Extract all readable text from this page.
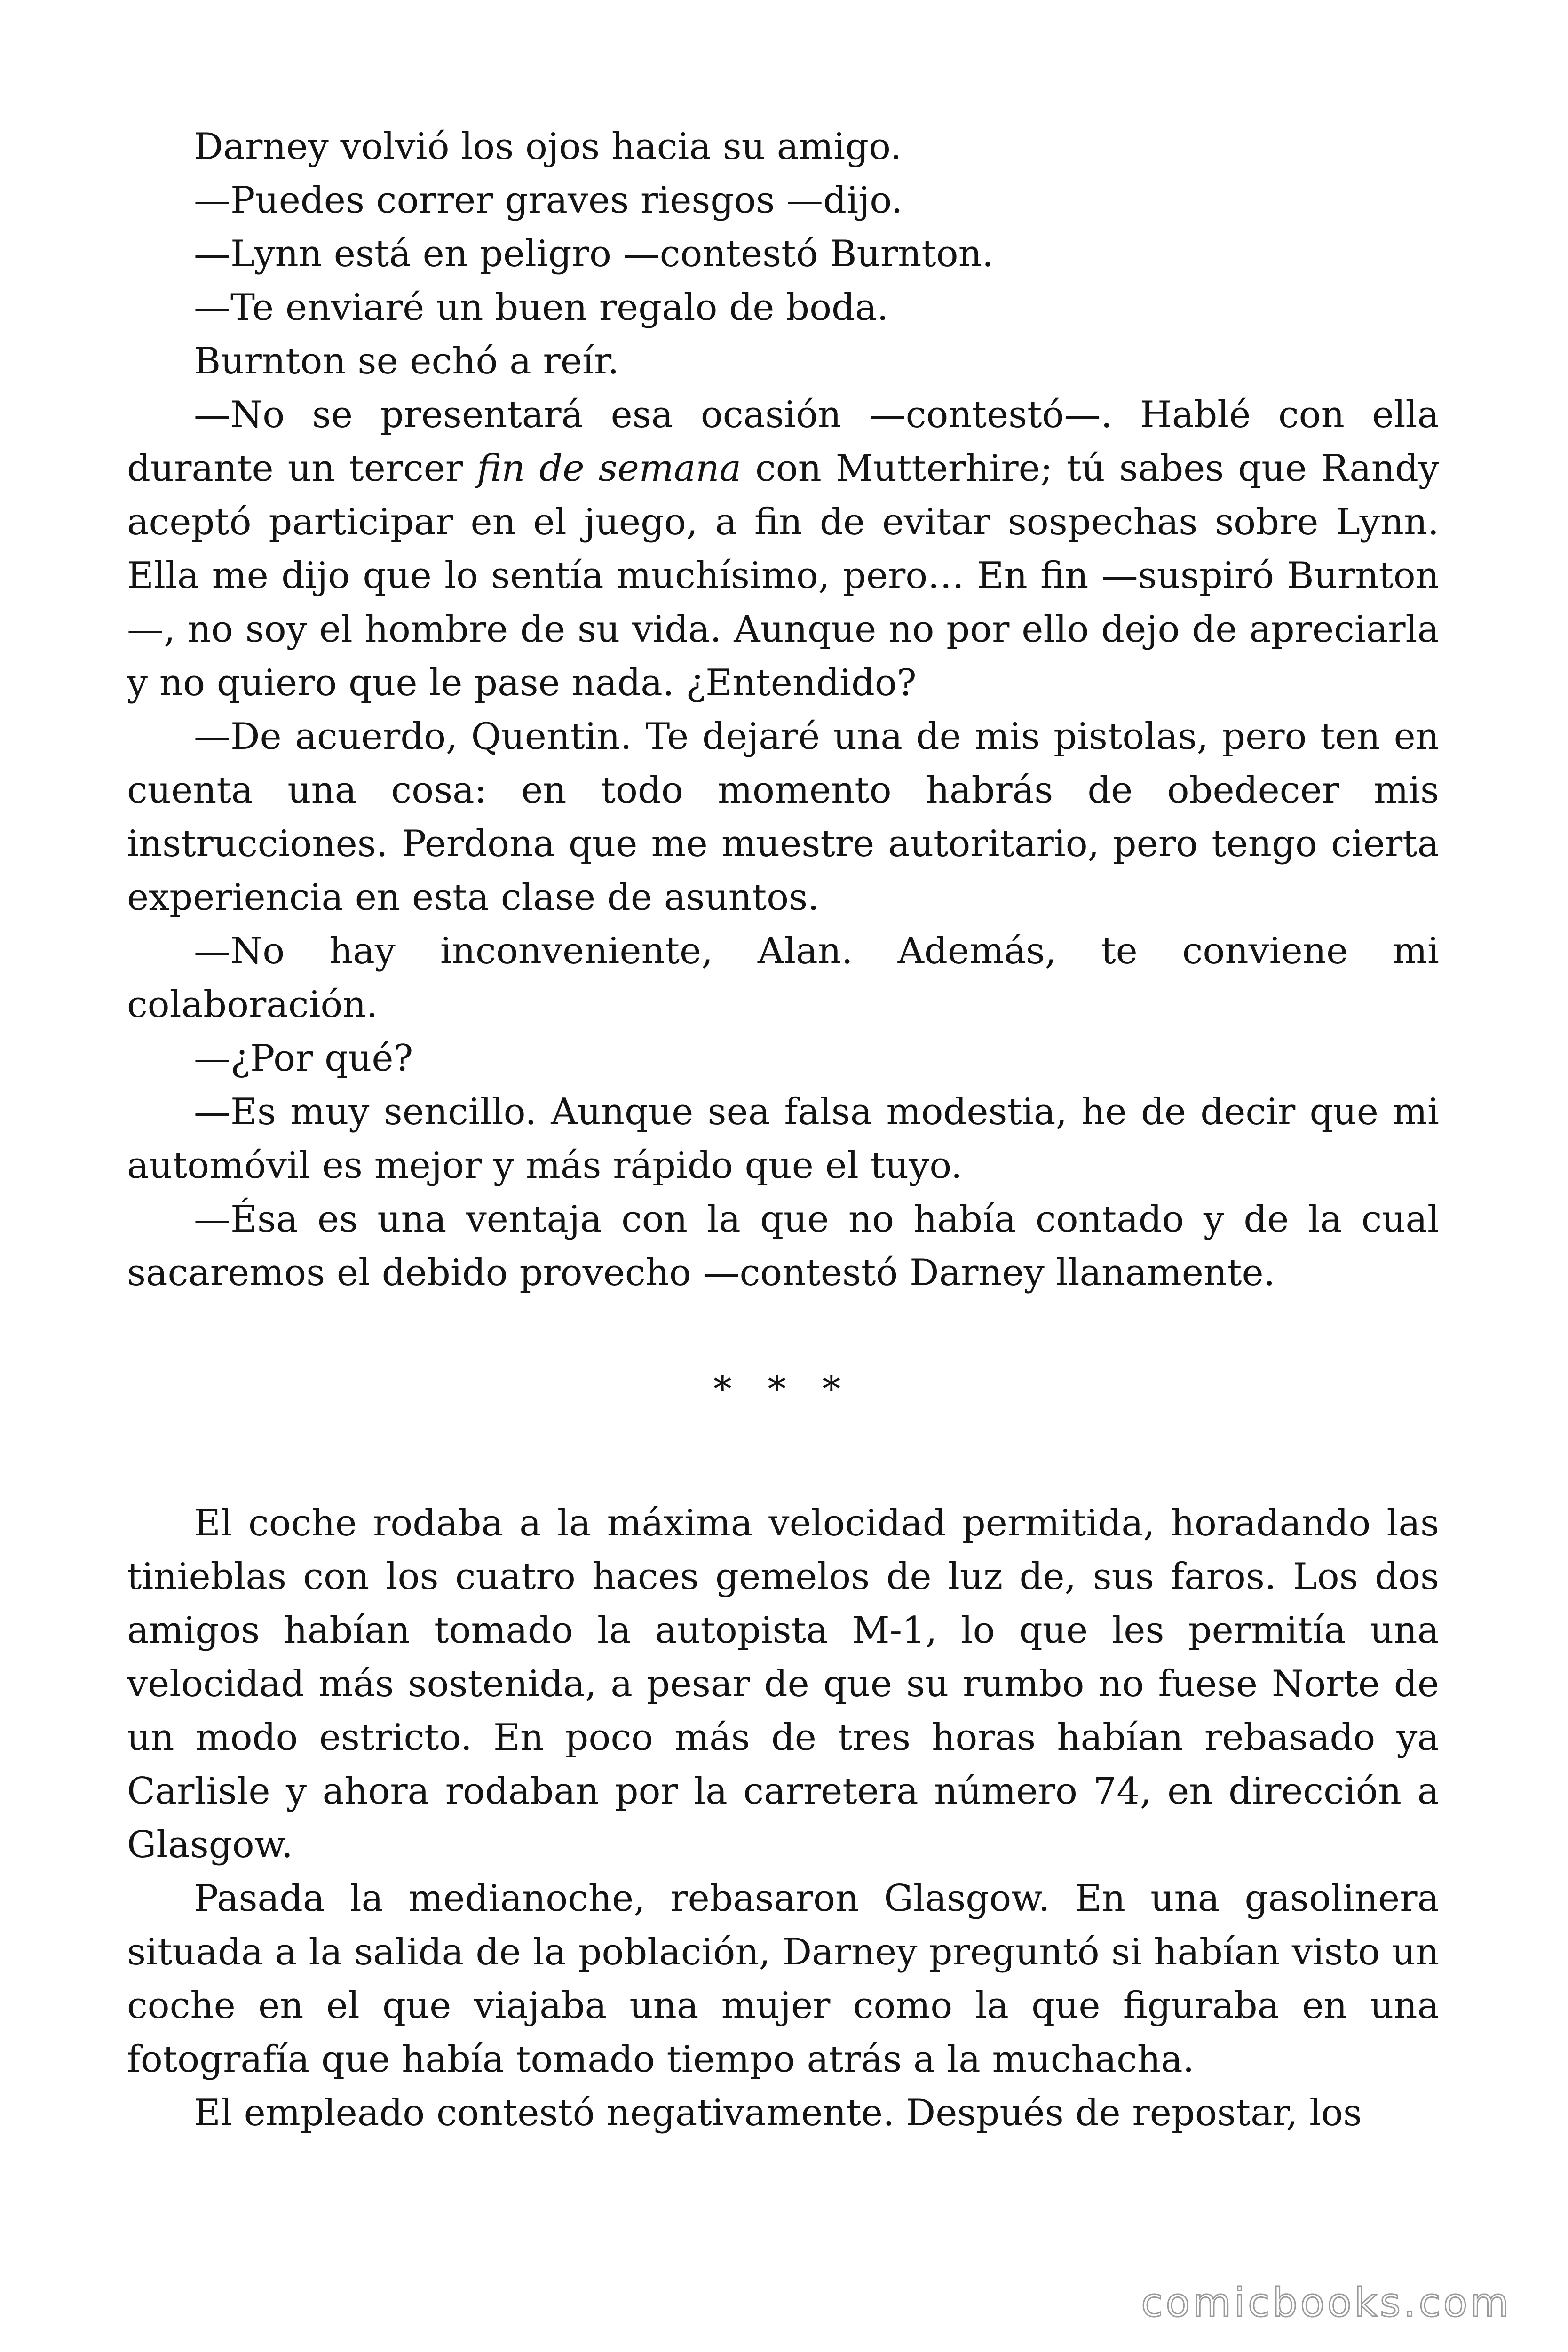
Darney volvió los ojos hacia su amigo.

—Puedes correr graves riesgos —dijo.

—Lynn está en peligro —contestó Burnton.

—Te enviaré un buen regalo de boda.

Burnton se echó a reír.

—No se presentará esa ocasión —contestó—. Hablé con ella durante un tercer fin de semana con Mutterhire; tú sabes que Randy aceptó participar en el juego, a fin de evitar sospechas sobre Lynn. Ella me dijo que lo sentía muchísimo, pero… En fin —suspiró Burnton—, no soy el hombre de su vida. Aunque no por ello dejo de apreciarla y no quiero que le pase nada. ¿Entendido?

—De acuerdo, Quentin. Te dejaré una de mis pistolas, pero ten en cuenta una cosa: en todo momento habrás de obedecer mis instrucciones. Perdona que me muestre autoritario, pero tengo cierta experiencia en esta clase de asuntos.

—No hay inconveniente, Alan. Además, te conviene mi colaboración.

—¿Por qué?

—Es muy sencillo. Aunque sea falsa modestia, he de decir que mi automóvil es mejor y más rápido que el tuyo.

—Ésa es una ventaja con la que no había contado y de la cual sacaremos el debido provecho —contestó Darney llanamente.

* * *

El coche rodaba a la máxima velocidad permitida, horadando las tinieblas con los cuatro haces gemelos de luz de, sus faros. Los dos amigos habían tomado la autopista M-1, lo que les permitía una velocidad más sostenida, a pesar de que su rumbo no fuese Norte de un modo estricto. En poco más de tres horas habían rebasado ya Carlisle y ahora rodaban por la carretera número 74, en dirección a Glasgow.

Pasada la medianoche, rebasaron Glasgow. En una gasolinera situada a la salida de la población, Darney preguntó si habían visto un coche en el que viajaba una mujer como la que figuraba en una fotografía que había tomado tiempo atrás a la muchacha.

El empleado contestó negativamente. Después de repostar, los

comicbooks.com
